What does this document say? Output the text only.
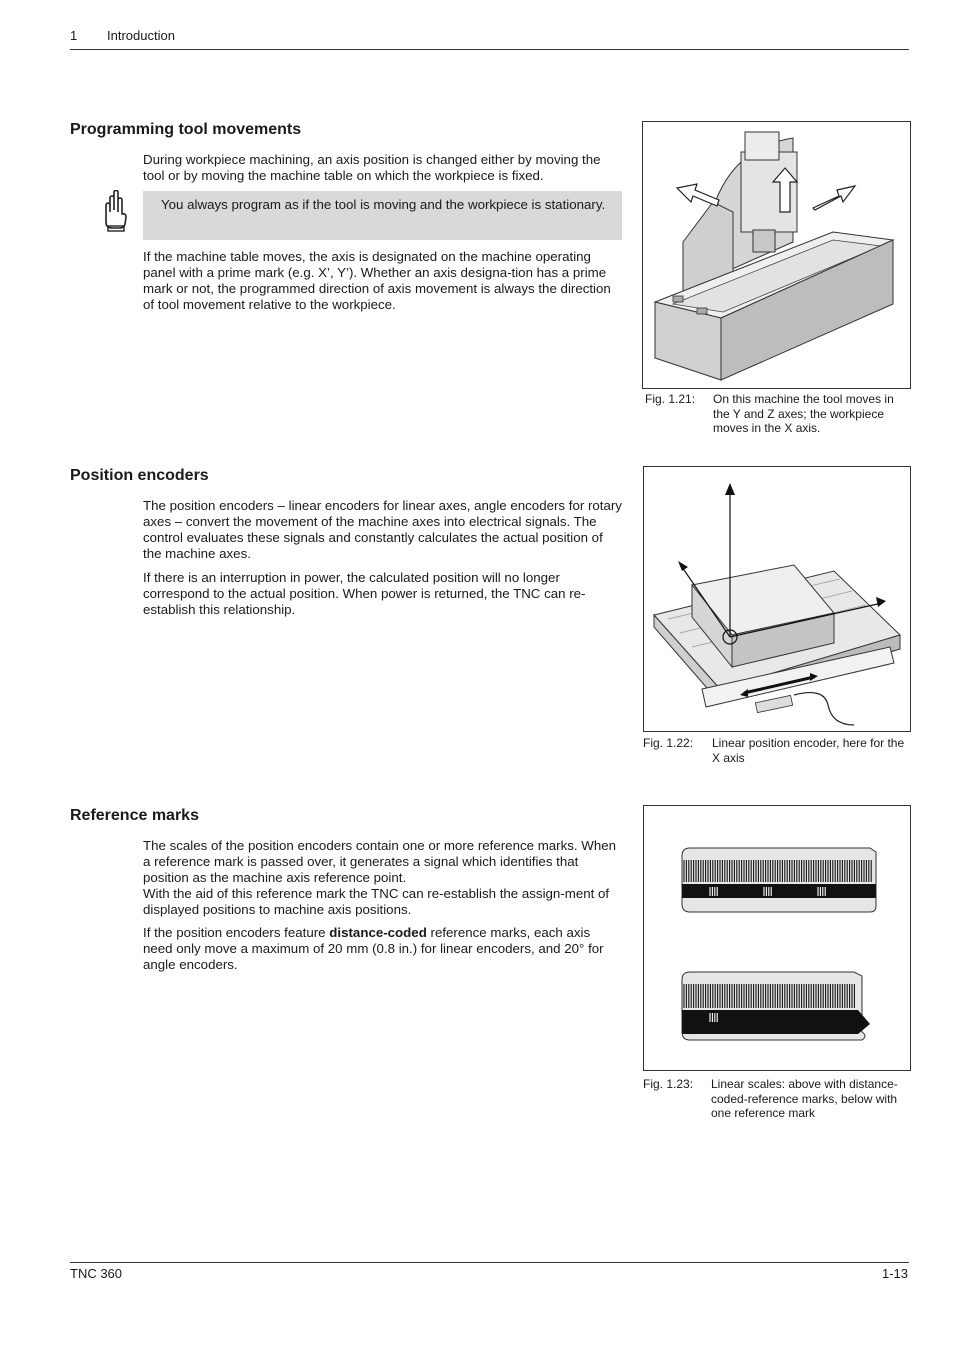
1 Introduction
Programming tool movements

During workpiece machining, an axis position is changed either by moving the tool or by moving the machine table on which the workpiece is fixed.

You always program as if the tool is moving and the workpiece is stationary.

If the machine table moves, the axis is designated on the machine operating panel with a prime mark (e.g. X’, Y’). Whether an axis designa-tion has a prime mark or not, the programmed direction of axis movement is always the direction of tool movement relative to the workpiece.

Fig. 1.21: On this machine the tool moves in the Y and Z axes; the workpiece moves in the X axis.
Position encoders

The position encoders – linear encoders for linear axes, angle encoders for rotary axes – convert the movement of the machine axes into electrical signals. The control evaluates these signals and constantly calculates the actual position of the machine axes.

If there is an interruption in power, the calculated position will no longer correspond to the actual position. When power is returned, the TNC can re-establish this relationship.

Fig. 1.22: Linear position encoder, here for the X axis
Reference marks

The scales of the position encoders contain one or more reference marks. When a reference mark is passed over, it generates a signal which identifies that position as the machine axis reference point.

With the aid of this reference mark the TNC can re-establish the assign-ment of displayed positions to machine axis positions.

If the position encoders feature distance-coded reference marks, each axis need only move a maximum of 20 mm (0.8 in.) for linear encoders, and 20° for angle encoders.

Fig. 1.23: Linear scales: above with distance-coded-reference marks, below with one reference mark
TNC 360	1-13
